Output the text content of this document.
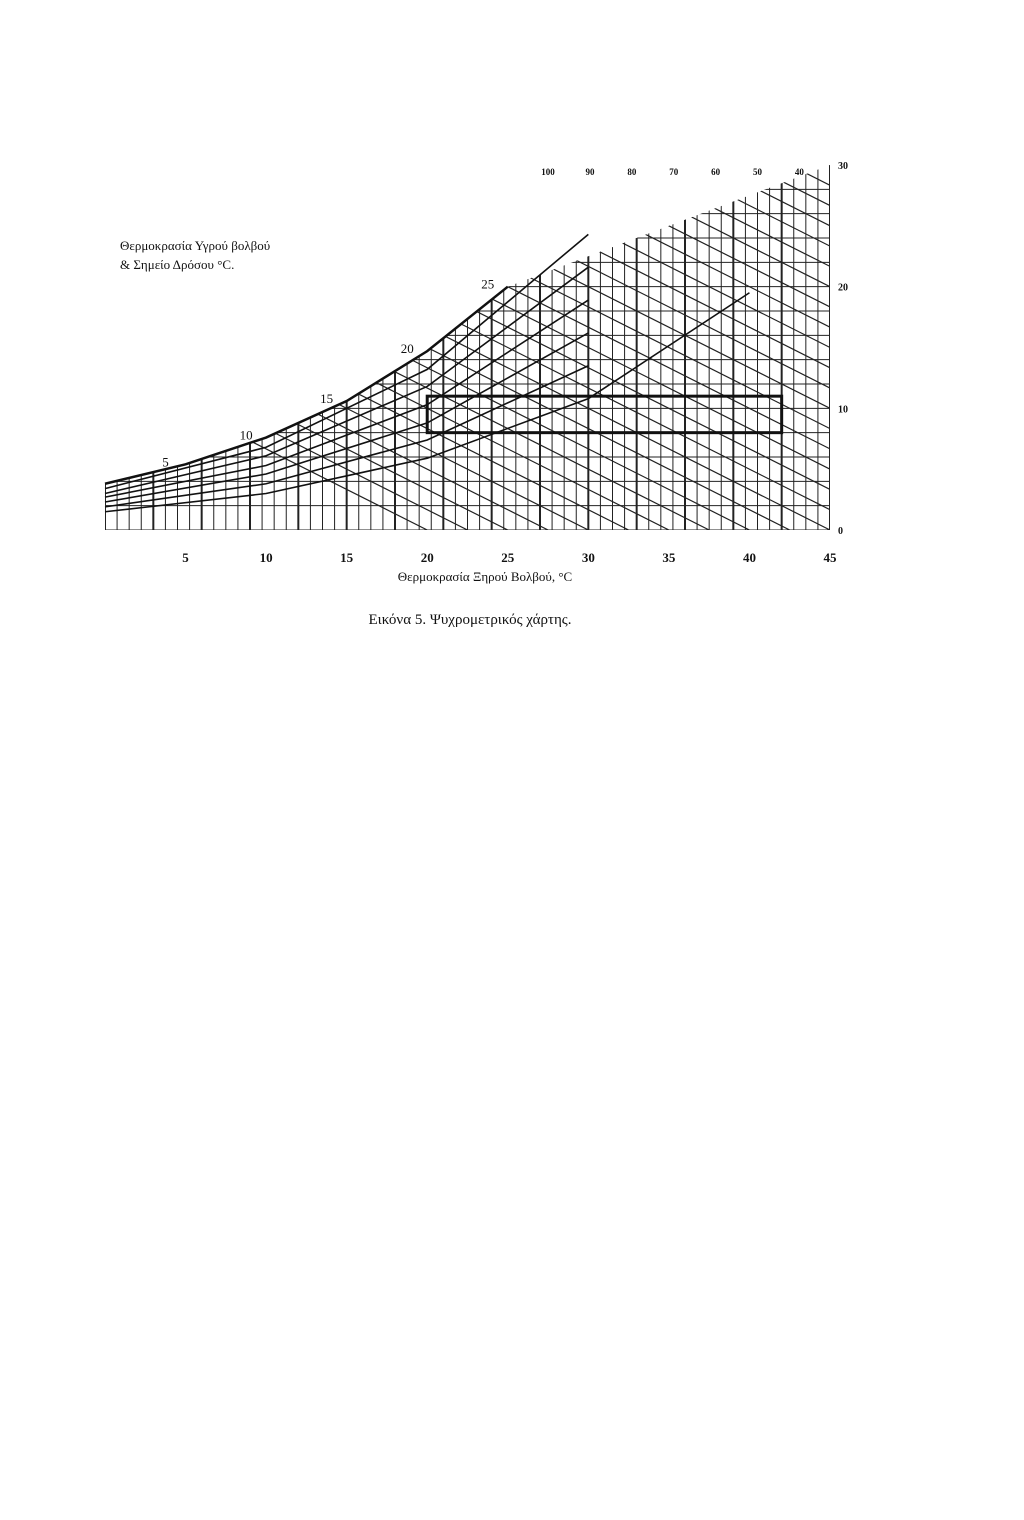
5	10	15	20	25	30	35	40	45
0
10
20
30
100	90	80	70	60	50	40
5
10
15
20
25
Θερμοκρασία Υγρού βολβού
& Σημείο Δρόσου °C.
Θερμοκρασία Ξηρού Βολβού, °C
Εικόνα 5. Ψυχρομετρικός χάρτης.
